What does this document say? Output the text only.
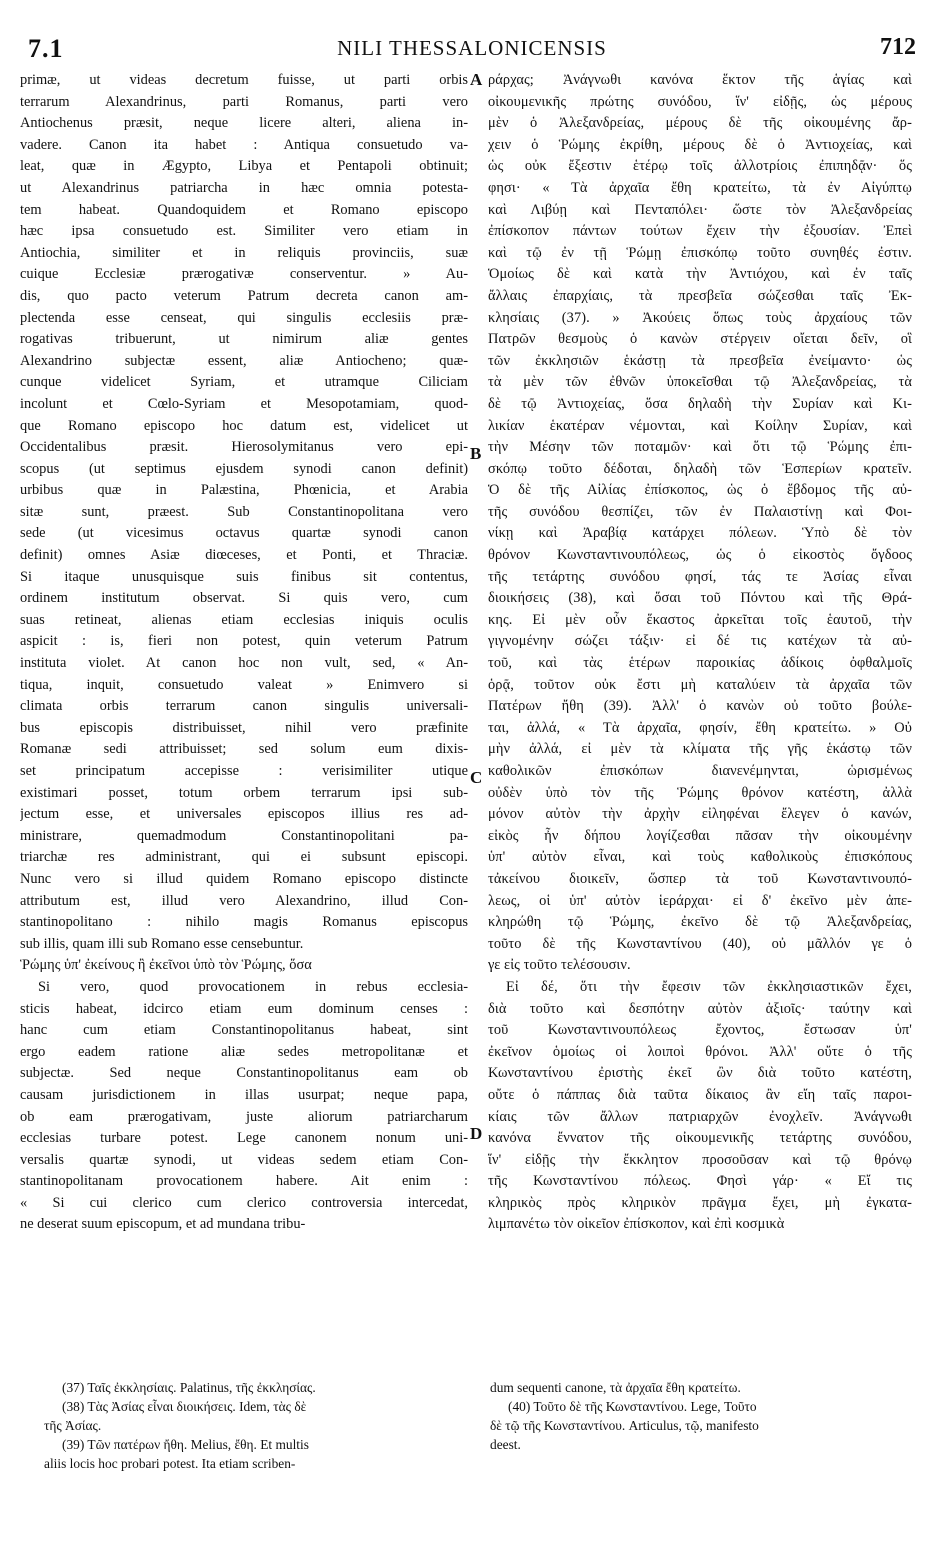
7.1	NILI THESSALONICENSIS	712
A
B
C
D
primæ, ut videas decretum fuisse, ut parti orbis
terrarum Alexandrinus, parti Romanus, parti vero
Antiochenus præsit, neque licere alteri, aliena in-
vadere. Canon ita habet : Antiqua consuetudo va-
leat, quæ in Ægypto, Libya et Pentapoli obtinuit;
ut Alexandrinus patriarcha in hæc omnia potesta-
tem habeat. Quandoquidem et Romano episcopo
hæc ipsa consuetudo est. Similiter vero etiam in
Antiochia, similiter et in reliquis provinciis, suæ
cuique Ecclesiæ prærogativæ conserventur. » Au-
dis, quo pacto veterum Patrum decreta canon am-
plectenda esse censeat, qui singulis ecclesiis præ-
rogativas tribuerunt, ut nimirum aliæ gentes
Alexandrino subjectæ essent, aliæ Antiocheno; quæ-
cunque videlicet Syriam, et utramque Ciliciam
incolunt et Cœlo-Syriam et Mesopotamiam, quod-
que Romano episcopo hoc datum est, videlicet ut
Occidentalibus præsit. Hierosolymitanus vero epi-
scopus (ut septimus ejusdem synodi canon definit)
urbibus quæ in Palæstina, Phœnicia, et Arabia
sitæ sunt, præest. Sub Constantinopolitana vero
sede (ut vicesimus octavus quartæ synodi canon
definit) omnes Asiæ diœceses, et Ponti, et Thraciæ.
Si itaque unusquisque suis finibus sit contentus,
ordinem institutum observat. Si quis vero, cum
suas retineat, alienas etiam ecclesias iniquis oculis
aspicit : is, fieri non potest, quin veterum Patrum
instituta violet. At canon hoc non vult, sed, « An-
tiqua, inquit, consuetudo valeat » Enimvero si
climata orbis terrarum canon singulis universali-
bus episcopis distribuisset, nihil vero præfinite
Romanæ sedi attribuisset; sed solum eum dixis-
set principatum accepisse : verisimiliter utique
existimari posset, totum orbem terrarum ipsi sub-
jectum esse, et universales episcopos illius res ad-
ministrare, quemadmodum Constantinopolitani pa-
triarchæ res administrant, qui ei subsunt episcopi.
Nunc vero si illud quidem Romano episcopo distincte
attributum est, illud vero Alexandrino, illud Con-
stantinopolitano : nihilo magis Romanus episcopus
sub illis, quam illi sub Romano esse censebuntur.
Ῥώμης ὑπ' ἐκείνους ἢ ἐκεῖνοι ὑπὸ τὸν Ῥώμης, ὅσα
Si vero, quod provocationem in rebus ecclesia-
sticis habeat, idcirco etiam eum dominum censes :
hanc cum etiam Constantinopolitanus habeat, sint
ergo eadem ratione aliæ sedes metropolitanæ et
subjectæ. Sed neque Constantinopolitanus eam ob
causam jurisdictionem in illas usurpat; neque papa,
ob eam prærogativam, juste aliorum patriarcharum
ecclesias turbare potest. Lege canonem nonum uni-
versalis quartæ synodi, ut videas sedem etiam Con-
stantinopolitanam provocationem habere. Ait enim :
« Si cui clerico cum clerico controversia intercedat,
ne deserat suum episcopum, et ad mundana tribu-
ράρχας; Ἀνάγνωθι κανόνα ἕκτον τῆς ἁγίας καὶ
οἰκουμενικῆς πρώτης συνόδου, ἵν' εἰδῇς, ὡς μέρους
μὲν ὁ Ἀλεξανδρείας, μέρους δὲ τῆς οἰκουμένης ἄρ-
χειν ὁ Ῥώμης ἐκρίθη, μέρους δὲ ὁ Ἀντιοχείας, καὶ
ὡς οὐκ ἔξεστιν ἑτέρῳ τοῖς ἀλλοτρίοις ἐπιπηδᾷν· ὅς
φησι· « Τὰ ἀρχαῖα ἔθη κρατείτω, τὰ ἐν Αἰγύπτῳ
καὶ Λιβύῃ καὶ Πενταπόλει· ὥστε τὸν Ἀλεξανδρείας
ἐπίσκοπον πάντων τούτων ἔχειν τὴν ἐξουσίαν. Ἐπεὶ
καὶ τῷ ἐν τῇ Ῥώμῃ ἐπισκόπῳ τοῦτο συνηθές ἐστιν.
Ὁμοίως δὲ καὶ κατὰ τὴν Ἀντιόχου, καὶ ἐν ταῖς
ἄλλαις ἐπαρχίαις, τὰ πρεσβεῖα σώζεσθαι ταῖς Ἐκ-
κλησίαις (37). » Ἀκούεις ὅπως τοὺς ἀρχαίους τῶν
Πατρῶν θεσμοὺς ὁ κανὼν στέργειν οἴεται δεῖν, οἳ
τῶν ἐκκλησιῶν ἑκάστῃ τὰ πρεσβεῖα ἐνείμαντο· ὡς
τὰ μὲν τῶν ἐθνῶν ὑποκεῖσθαι τῷ Ἀλεξανδρείας, τὰ
δὲ τῷ Ἀντιοχείας, ὅσα δηλαδὴ τὴν Συρίαν καὶ Κι-
λικίαν ἑκατέραν νέμονται, καὶ Κοίλην Συρίαν, καὶ
τὴν Μέσην τῶν ποταμῶν· καὶ ὅτι τῷ Ῥώμης ἐπι-
σκόπῳ τοῦτο δέδοται, δηλαδὴ τῶν Ἑσπερίων κρατεῖν.
Ὁ δὲ τῆς Αἰλίας ἐπίσκοπος, ὡς ὁ ἕβδομος τῆς αὐ-
τῆς συνόδου θεσπίζει, τῶν ἐν Παλαιστίνῃ καὶ Φοι-
νίκῃ καὶ Ἀραβίᾳ κατάρχει πόλεων. Ὑπὸ δὲ τὸν
θρόνον Κωνσταντινουπόλεως, ὡς ὁ εἰκοστὸς ὄγδοος
τῆς τετάρτης συνόδου φησί, τάς τε Ἀσίας εἶναι
διοικήσεις (38), καὶ ὅσαι τοῦ Πόντου καὶ τῆς Θρά-
κης. Εἰ μὲν οὖν ἕκαστος ἀρκεῖται τοῖς ἑαυτοῦ, τὴν
γιγνομένην σώζει τάξιν· εἰ δέ τις κατέχων τὰ αὐ-
τοῦ, καὶ τὰς ἑτέρων παροικίας ἀδίκοις ὀφθαλμοῖς
ὁρᾷ, τοῦτον οὐκ ἔστι μὴ καταλύειν τὰ ἀρχαῖα τῶν
Πατέρων ἤθη (39). Ἀλλ' ὁ κανὼν οὐ τοῦτο βούλε-
ται, ἀλλά, « Τὰ ἀρχαῖα, φησίν, ἔθη κρατείτω. » Οὐ
μὴν ἀλλά, εἰ μὲν τὰ κλίματα τῆς γῆς ἑκάστῳ τῶν
καθολικῶν ἐπισκόπων διανενέμηνται, ὡρισμένως
οὐδὲν ὑπὸ τὸν τῆς Ῥώμης θρόνον κατέστη, ἀλλὰ
μόνον αὐτὸν τὴν ἀρχὴν εἰληφέναι ἔλεγεν ὁ κανών,
εἰκὸς ἦν δήπου λογίζεσθαι πᾶσαν τὴν οἰκουμένην
ὑπ' αὐτὸν εἶναι, καὶ τοὺς καθολικοὺς ἐπισκόπους
τἀκείνου διοικεῖν, ὥσπερ τὰ τοῦ Κωνσταντινουπό-
λεως, οἱ ὑπ' αὐτὸν ἱεράρχαι· εἰ δ' ἐκεῖνο μὲν ἀπε-
κληρώθη τῷ Ῥώμης, ἐκεῖνο δὲ τῷ Ἀλεξανδρείας,
τοῦτο δὲ τῆς Κωνσταντίνου (40), οὐ μᾶλλόν γε ὁ
γε εἰς τοῦτο τελέσουσιν.
Εἰ δέ, ὅτι τὴν ἔφεσιν τῶν ἐκκλησιαστικῶν ἔχει,
διὰ τοῦτο καὶ δεσπότην αὐτὸν ἀξιοῖς· ταύτην καὶ
τοῦ Κωνσταντινουπόλεως ἔχοντος, ἔστωσαν ὑπ'
ἐκεῖνον ὁμοίως οἱ λοιποὶ θρόνοι. Ἀλλ' οὔτε ὁ τῆς
Κωνσταντίνου ἐριστὴς ἐκεῖ ὢν διὰ τοῦτο κατέστη,
οὔτε ὁ πάππας διὰ ταῦτα δίκαιος ἂν εἴη ταῖς παροι-
κίαις τῶν ἄλλων πατριαρχῶν ἐνοχλεῖν. Ἀνάγνωθι
κανόνα ἔννατον τῆς οἰκουμενικῆς τετάρτης συνόδου,
ἵν' εἰδῇς τὴν ἔκκλητον προσοῦσαν καὶ τῷ θρόνῳ
τῆς Κωνσταντίνου πόλεως. Φησὶ γάρ· « Εἴ τις
κληρικὸς πρὸς κληρικὸν πρᾶγμα ἔχει, μὴ ἐγκατα-
λιμπανέτω τὸν οἰκεῖον ἐπίσκοπον, καὶ ἐπὶ κοσμικὰ
(37) Ταῖς ἐκκλησίαις. Palatinus, τῆς ἐκκλησίας.
(38) Τὰς Ἀσίας εἶναι διοικήσεις. Idem, τὰς δὲ
τῆς Ἀσίας.
(39) Τῶν πατέρων ἤθη. Melius, ἔθη. Et multis
aliis locis hoc probari potest. Ita etiam scriben-
dum sequenti canone, τὰ ἀρχαῖα ἔθη κρατείτω.
(40) Τοῦτο δὲ τῆς Κωνσταντίνου. Lege, Τοῦτο
δὲ τῷ τῆς Κωνσταντίνου. Articulus, τῷ, manifesto
deest.
